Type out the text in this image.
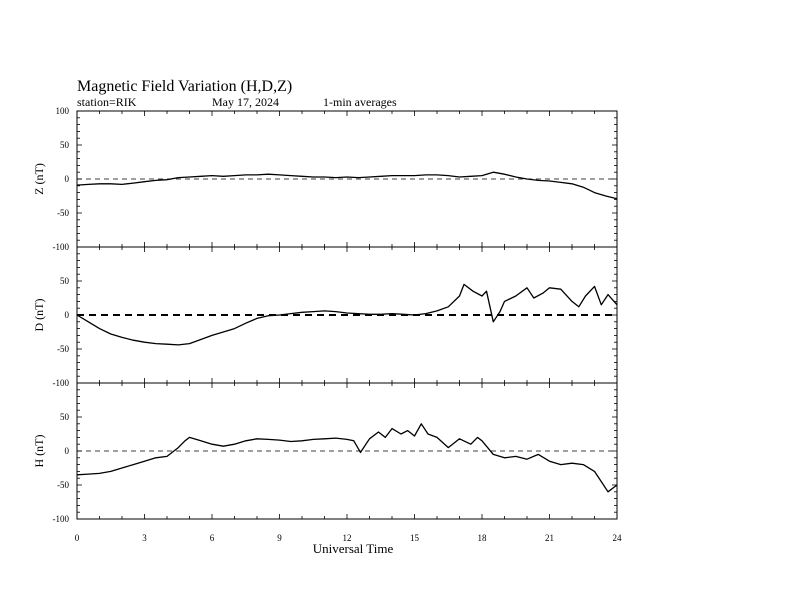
Magnetic Field Variation (H,D,Z)
station=RIK	May 17, 2024	1-min averages
100
50
0
-50
-100
Z (nT)
50
0
-50
-100
D (nT)
50
0
-50
-100
H (nT)
0	3	6	9	12	15	18	21	24
Universal Time
